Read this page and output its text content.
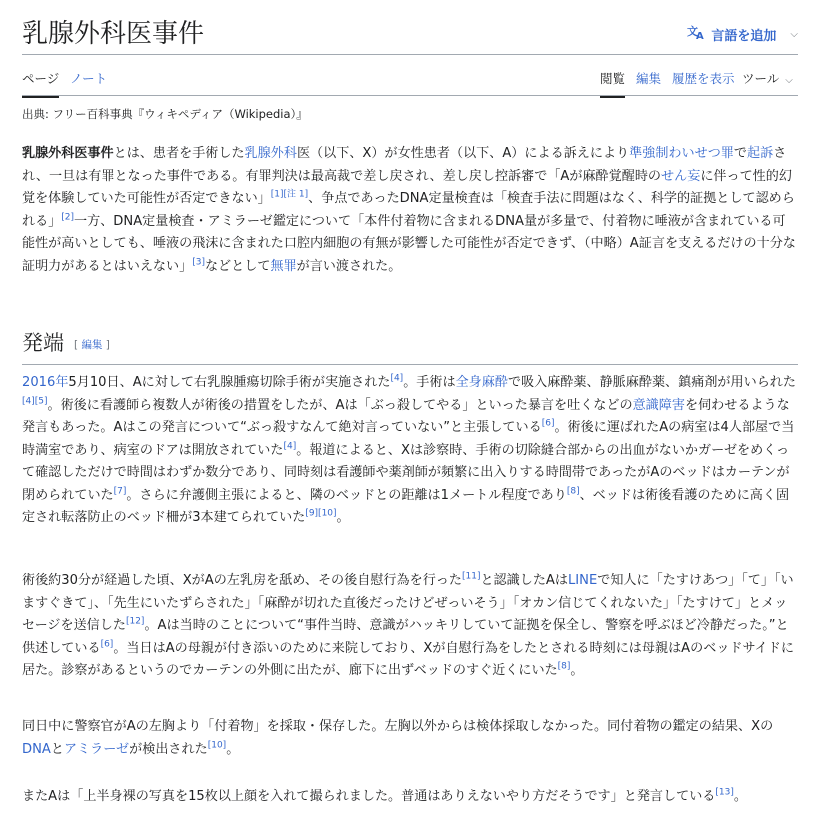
乳腺外科医事件	文
A 言語を追加 ⌵
ページ ノート	閲覧 編集 履歴を表示 ツール ⌵
出典: フリー百科事典『ウィキペディア（Wikipedia）』

乳腺外科医事件とは、患者を手術した乳腺外科医（以下、X）が女性患者（以下、A）による訴えにより準強制わいせつ罪で起訴され、一旦は有罪となった事件である。有罪判決は最高裁で差し戻され、差し戻し控訴審で「Aが麻酔覚醒時のせん妄に伴って性的幻覚を体験していた可能性が否定できない」[1][注 1]、争点であったDNA定量検査は「検査手法に問題はなく、科学的証拠として認められる」[2]一方、DNA定量検査・アミラーゼ鑑定について「本件付着物に含まれるDNA量が多量で、付着物に唾液が含まれている可能性が高いとしても、唾液の飛沫に含まれた口腔内細胞の有無が影響した可能性が否定できず、（中略）A証言を支えるだけの十分な証明力があるとはいえない」[3]などとして無罪が言い渡された。

発端 [ 編集 ]

2016年5月10日、Aに対して右乳腺腫瘍切除手術が実施された[4]。手術は全身麻酔で吸入麻酔薬、静脈麻酔薬、鎮痛剤が用いられた[4][5]。術後に看護師ら複数人が術後の措置をしたが、Aは「ぶっ殺してやる」といった暴言を吐くなどの意識障害を伺わせるような発言もあった。Aはこの発言について“ぶっ殺すなんて絶対言っていない”と主張している[6]。術後に運ばれたAの病室は4人部屋で当時満室であり、病室のドアは開放されていた[4]。報道によると、Xは診察時、手術の切除縫合部からの出血がないかガーゼをめくって確認しただけで時間はわずか数分であり、同時刻は看護師や薬剤師が頻繁に出入りする時間帯であったがAのベッドはカーテンが閉められていた[7]。さらに弁護側主張によると、隣のベッドとの距離は1メートル程度であり[8]、ベッドは術後看護のために高く固定され転落防止のベッド柵が3本建てられていた[9][10]。

術後約30分が経過した頃、XがAの左乳房を舐め、その後自慰行為を行った[11]と認識したAはLINEで知人に「たすけあつ」「て」「いますぐきて」、「先生にいたずらされた」「麻酔が切れた直後だったけどぜっいそう」「オカン信じてくれないた」「たすけて」とメッセージを送信した[12]。Aは当時のことについて“事件当時、意識がハッキリしていて証拠を保全し、警察を呼ぶほど冷静だった。”と供述している[6]。当日はAの母親が付き添いのために来院しており、Xが自慰行為をしたとされる時刻には母親はAのベッドサイドに居た。診察があるというのでカーテンの外側に出たが、廊下に出ずベッドのすぐ近くにいた[8]。

同日中に警察官がAの左胸より「付着物」を採取・保存した。左胸以外からは検体採取しなかった。同付着物の鑑定の結果、XのDNAとアミラーゼが検出された[10]。

またAは「上半身裸の写真を15枚以上顔を入れて撮られました。普通はありえないやり方だそうです」と発言している[13]。
